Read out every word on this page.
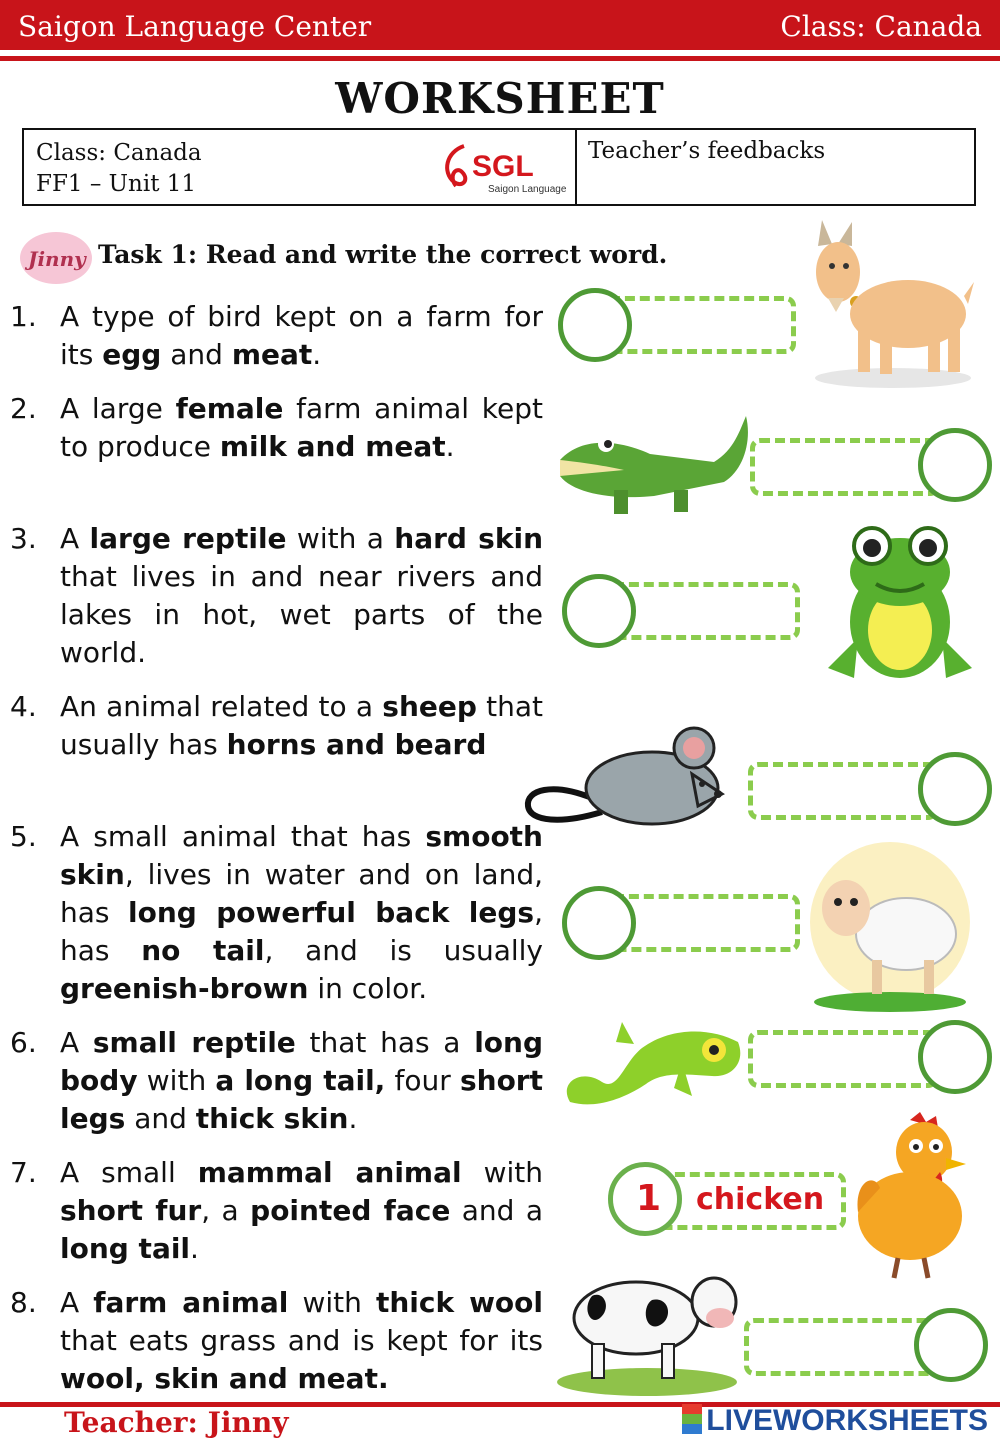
Saigon Language Center	Class: Canada
WORKSHEET
Class: Canada
FF1 – Unit 11
SGL
Saigon Language
Teacher’s feedbacks
Jinny Task 1: Read and write the correct word.
1. A type of bird kept on a farm for its egg and meat.
2. A large female farm animal kept to produce milk and meat.
3. A large reptile with a hard skin that lives in and near rivers and lakes in hot, wet parts of the world.
4. An animal related to a sheep that usually has horns and beard
5. A small animal that has smooth skin, lives in water and on land, has long powerful back legs, has no tail, and is usually greenish-brown in color.
6. A small reptile that has a long body with a long tail, four short legs and thick skin.
7. A small mammal animal with short fur, a pointed face and a long tail.
8. A farm animal with thick wool that eats grass and is kept for its wool, skin and meat.
1 chicken
Teacher: Jinny	LIVEWORKSHEETS
